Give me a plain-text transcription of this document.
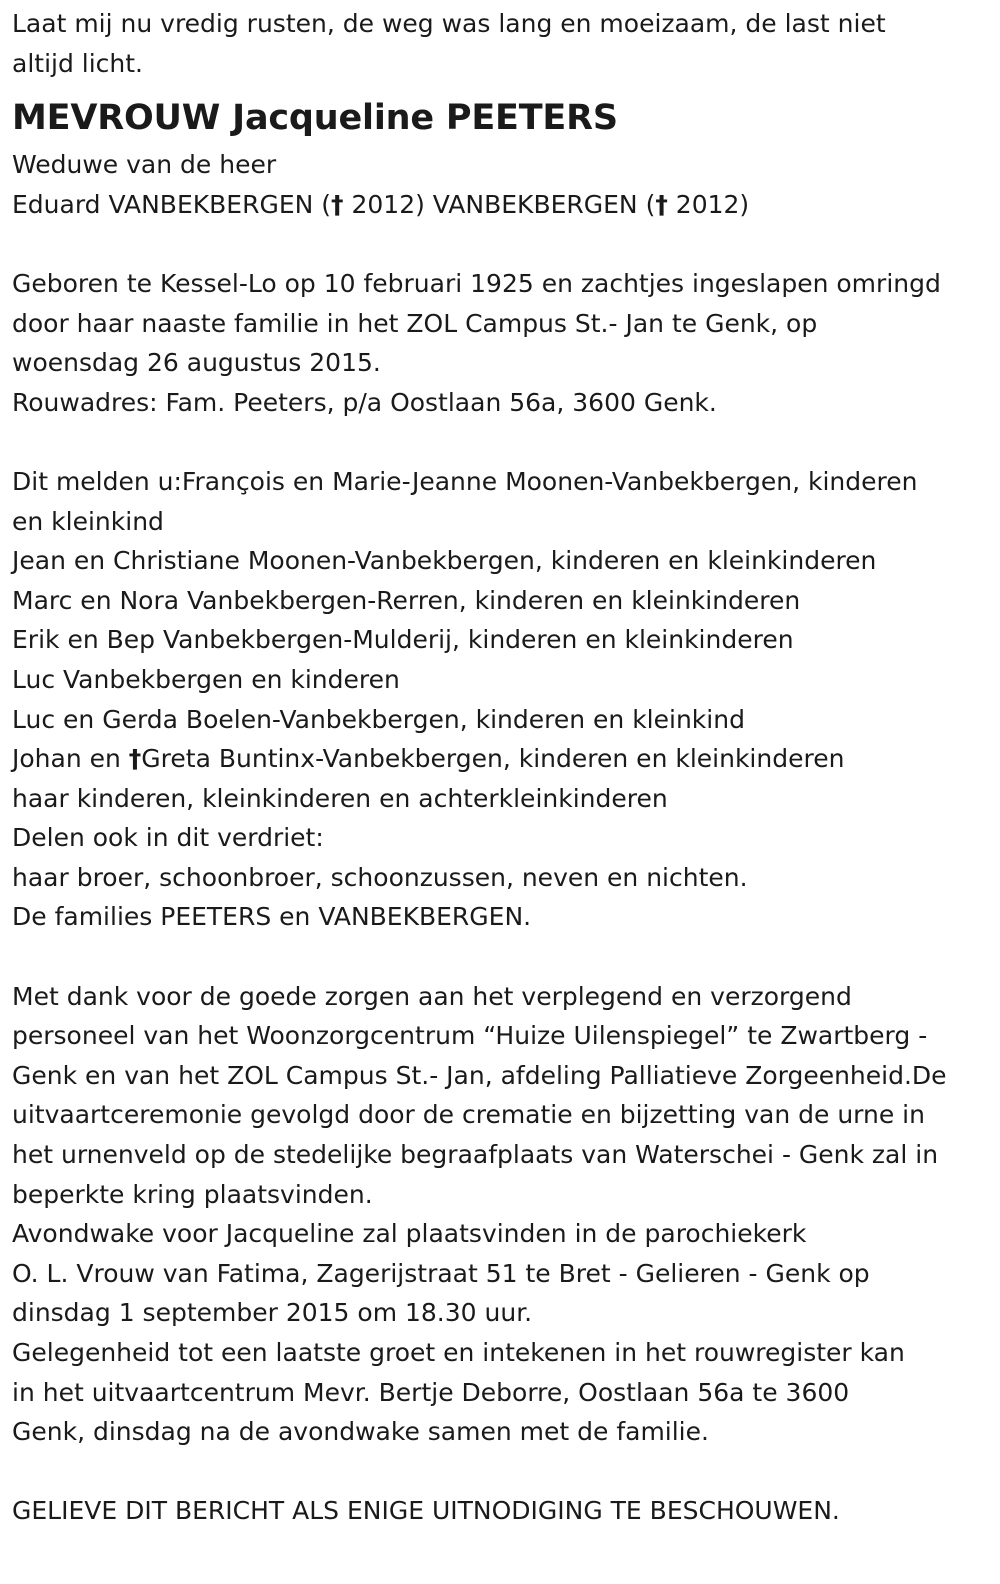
Laat mij nu vredig rusten, de weg was lang en moeizaam, de last niet

altijd licht.

MEVROUW Jacqueline PEETERS

Weduwe van de heer

Eduard VANBEKBERGEN († 2012) VANBEKBERGEN († 2012)

Geboren te Kessel-Lo op 10 februari 1925 en zachtjes ingeslapen omringd

door haar naaste familie in het ZOL Campus St.- Jan te Genk, op

woensdag 26 augustus 2015.

Rouwadres: Fam. Peeters, p/a Oostlaan 56a, 3600 Genk.

Dit melden u:François en Marie-Jeanne Moonen-Vanbekbergen, kinderen

en kleinkind

Jean en Christiane Moonen-Vanbekbergen, kinderen en kleinkinderen

Marc en Nora Vanbekbergen-Rerren, kinderen en kleinkinderen

Erik en Bep Vanbekbergen-Mulderij, kinderen en kleinkinderen

Luc Vanbekbergen en kinderen

Luc en Gerda Boelen-Vanbekbergen, kinderen en kleinkind

Johan en †Greta Buntinx-Vanbekbergen, kinderen en kleinkinderen

haar kinderen, kleinkinderen en achterkleinkinderen

Delen ook in dit verdriet:

haar broer, schoonbroer, schoonzussen, neven en nichten.

De families PEETERS en VANBEKBERGEN.

Met dank voor de goede zorgen aan het verplegend en verzorgend

personeel van het Woonzorgcentrum “Huize Uilenspiegel” te Zwartberg -

Genk en van het ZOL Campus St.- Jan, afdeling Palliatieve Zorgeenheid.De

uitvaartceremonie gevolgd door de crematie en bijzetting van de urne in

het urnenveld op de stedelijke begraafplaats van Waterschei - Genk zal in

beperkte kring plaatsvinden.

Avondwake voor Jacqueline zal plaatsvinden in de parochiekerk

O. L. Vrouw van Fatima, Zagerijstraat 51 te Bret - Gelieren - Genk op

dinsdag 1 september 2015 om 18.30 uur.

Gelegenheid tot een laatste groet en intekenen in het rouwregister kan

in het uitvaartcentrum Mevr. Bertje Deborre, Oostlaan 56a te 3600

Genk, dinsdag na de avondwake samen met de familie.

GELIEVE DIT BERICHT ALS ENIGE UITNODIGING TE BESCHOUWEN.
